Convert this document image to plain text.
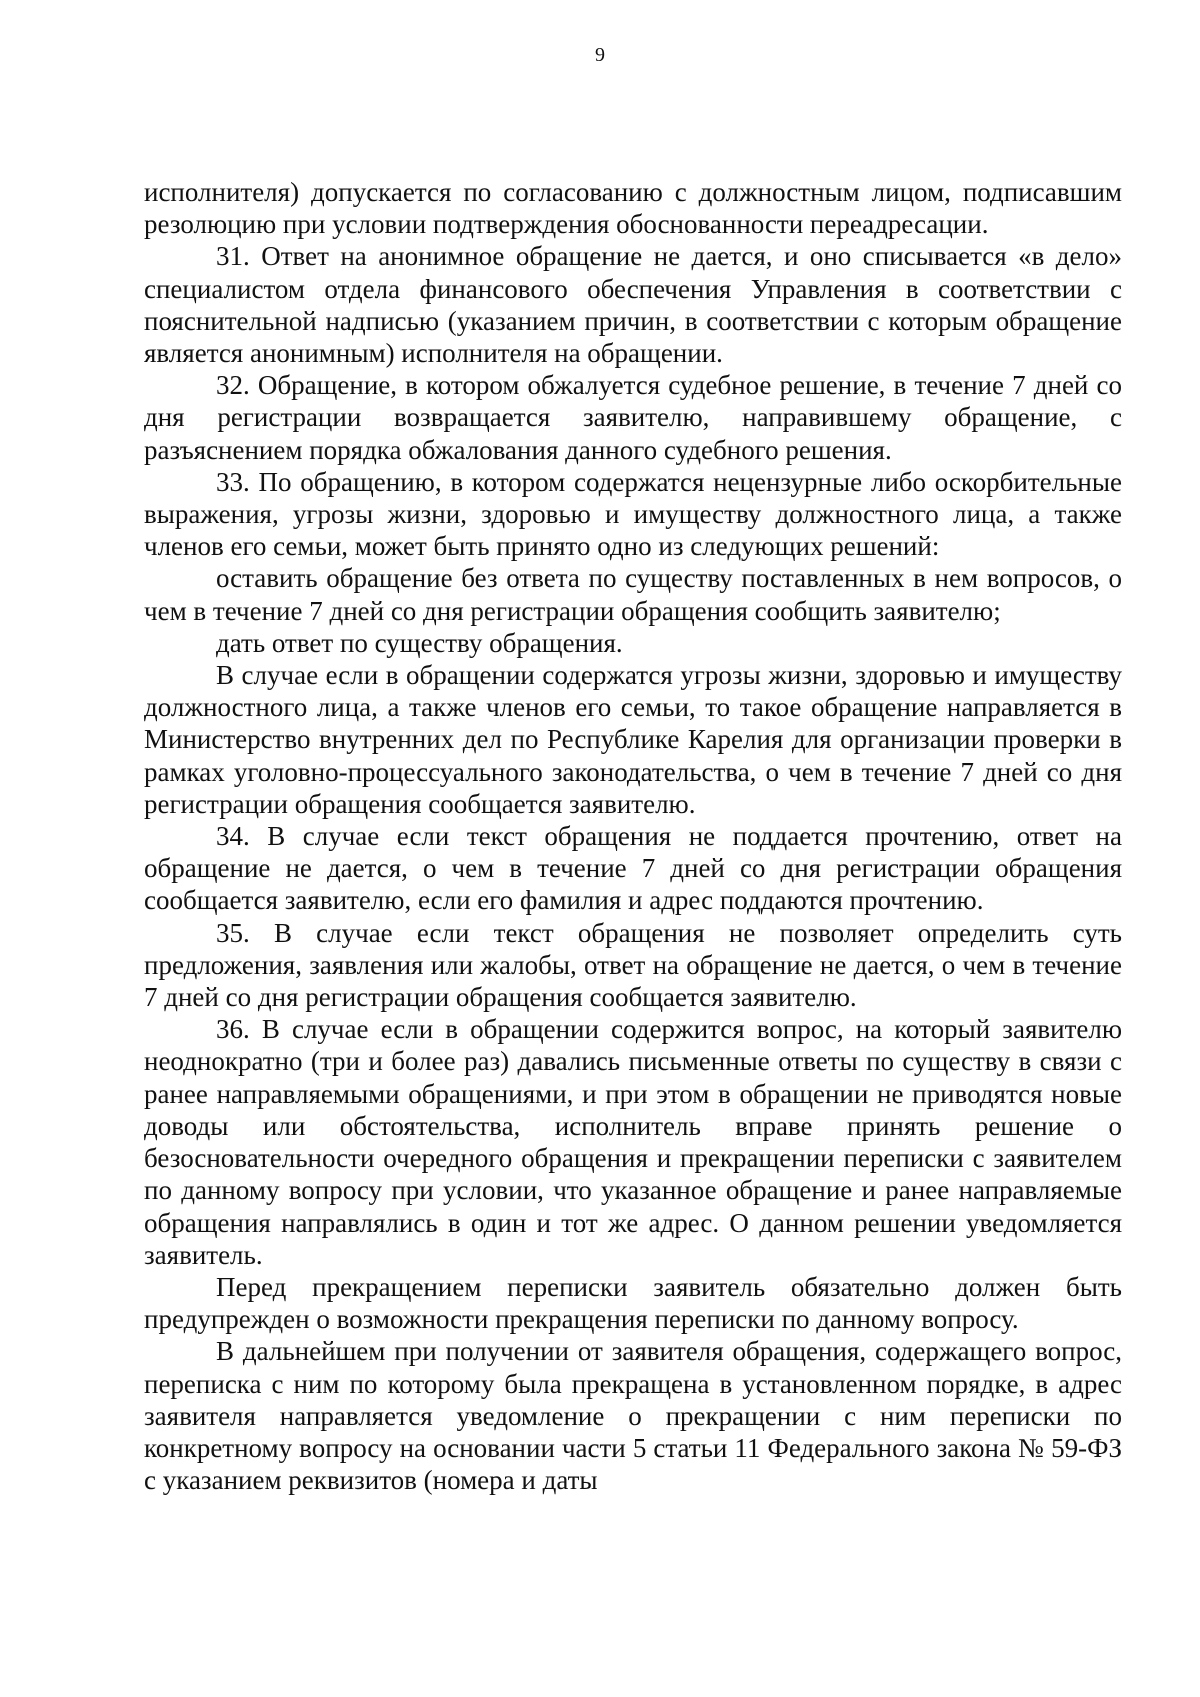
9

исполнителя) допускается по согласованию с должностным лицом, подписавшим резолюцию при условии подтверждения обоснованности переадресации.

31. Ответ на анонимное обращение не дается, и оно списывается «в дело» специалистом отдела финансового обеспечения Управления в соответствии с пояснительной надписью (указанием причин, в соответствии с которым обращение является анонимным) исполнителя на обращении.

32. Обращение, в котором обжалуется судебное решение, в течение 7 дней со дня регистрации возвращается заявителю, направившему обращение, с разъяснением порядка обжалования данного судебного решения.

33. По обращению, в котором содержатся нецензурные либо оскорбительные выражения, угрозы жизни, здоровью и имуществу должностного лица, а также членов его семьи, может быть принято одно из следующих решений:

оставить обращение без ответа по существу поставленных в нем вопросов, о чем в течение 7 дней со дня регистрации обращения сообщить заявителю;

дать ответ по существу обращения.

В случае если в обращении содержатся угрозы жизни, здоровью и имуществу должностного лица, а также членов его семьи, то такое обращение направляется в Министерство внутренних дел по Республике Карелия для организации проверки в рамках уголовно-процессуального законодательства, о чем в течение 7 дней со дня регистрации обращения сообщается заявителю.

34. В случае если текст обращения не поддается прочтению, ответ на обращение не дается, о чем в течение 7 дней со дня регистрации обращения сообщается заявителю, если его фамилия и адрес поддаются прочтению.

35. В случае если текст обращения не позволяет определить суть предложения, заявления или жалобы, ответ на обращение не дается, о чем в течение 7 дней со дня регистрации обращения сообщается заявителю.

36. В случае если в обращении содержится вопрос, на который заявителю неоднократно (три и более раз) давались письменные ответы по существу в связи с ранее направляемыми обращениями, и при этом в обращении не приводятся новые доводы или обстоятельства, исполнитель вправе принять решение о безосновательности очередного обращения и прекращении переписки с заявителем по данному вопросу при условии, что указанное обращение и ранее направляемые обращения направлялись в один и тот же адрес. О данном решении уведомляется заявитель.

Перед прекращением переписки заявитель обязательно должен быть предупрежден о возможности прекращения переписки по данному вопросу.

В дальнейшем при получении от заявителя обращения, содержащего вопрос, переписка с ним по которому была прекращена в установленном порядке, в адрес заявителя направляется уведомление о прекращении с ним переписки по конкретному вопросу на основании части 5 статьи 11 Федерального закона № 59-ФЗ с указанием реквизитов (номера и даты
